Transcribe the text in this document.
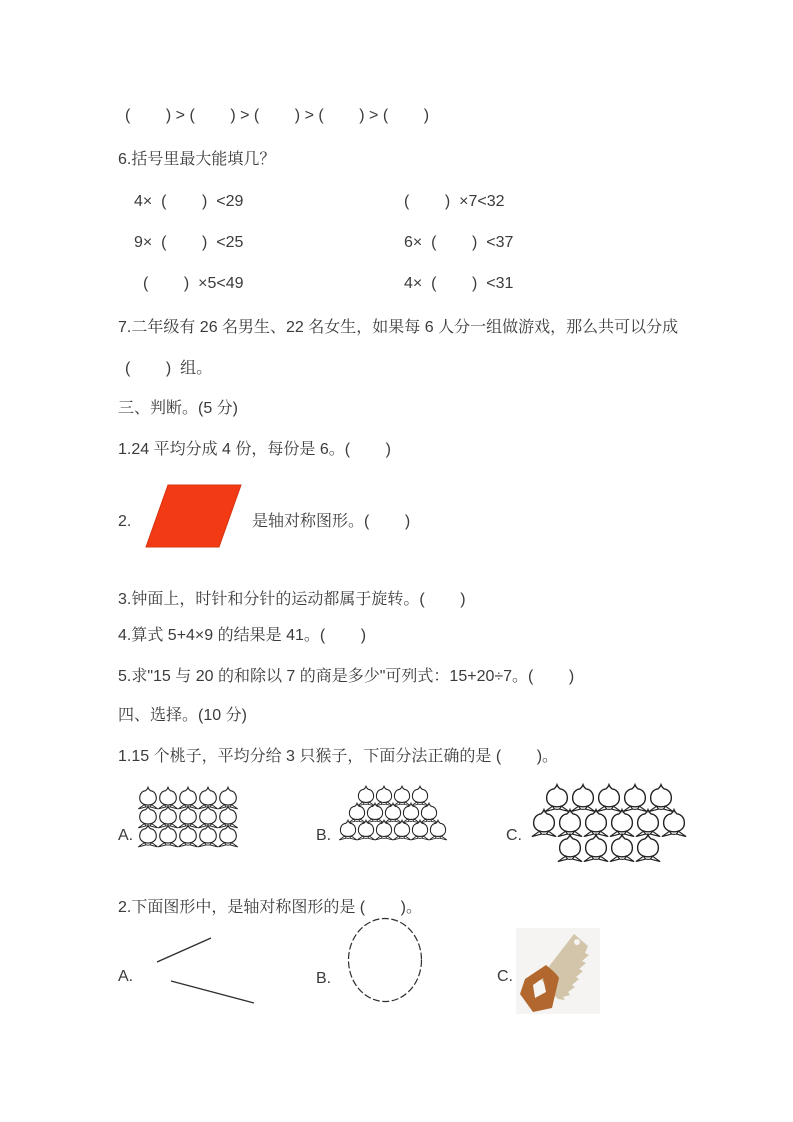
(        ) > (        ) > (        ) > (        ) > (        )
6.括号里最大能填几？
4×  (        )  <29	(        )  ×7<32
9×  (        )  <25	6×  (        )  <37
(        )  ×5<49	4×  (        )  <31
7.二年级有 26 名男生、22 名女生，如果每 6 人分一组做游戏，那么共可以分成
(        )  组。
三、判断。(5 分)
1.24 平均分成 4 份，每份是 6。(        )
2.	是轴对称图形。(        )
3.钟面上，时针和分针的运动都属于旋转。(        )
4.算式 5+4×9 的结果是 41。(        )
5.求"15 与 20 的和除以 7 的商是多少"可列式：15+20÷7。(        )
四、选择。(10 分)
1.15 个桃子，平均分给 3 只猴子，下面分法正确的是 (        )。
A.	B.	C.
2.下面图形中，是轴对称图形的是 (        )。
A.	B.	C.
